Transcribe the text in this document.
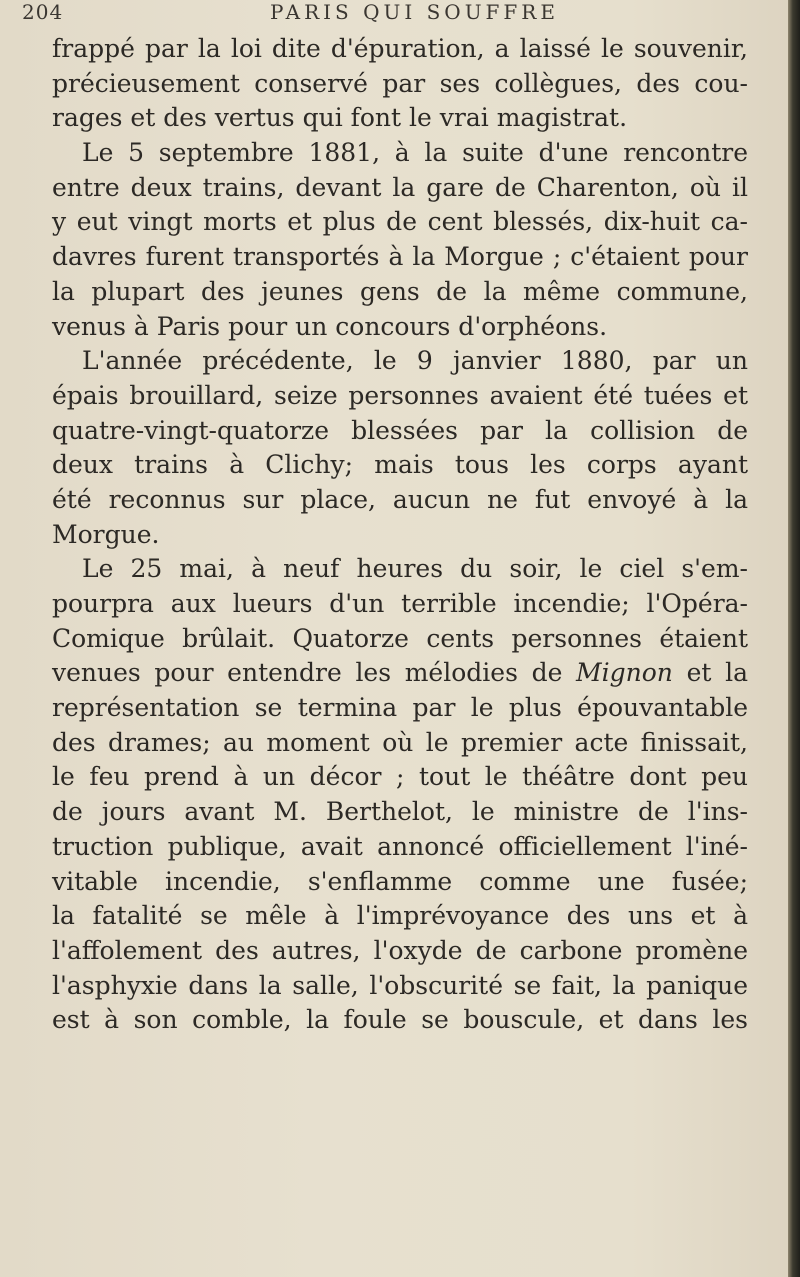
204	PARIS QUI SOUFFRE
frappé par la loi dite d'épuration, a laissé le souvenir,
précieusement conservé par ses collègues, des cou-
rages et des vertus qui font le vrai magistrat.
Le 5 septembre 1881, à la suite d'une rencontre
entre deux trains, devant la gare de Charenton, où il
y eut vingt morts et plus de cent blessés, dix-huit ca-
davres furent transportés à la Morgue ; c'étaient pour
la plupart des jeunes gens de la même commune,
venus à Paris pour un concours d'orphéons.
L'année précédente, le 9 janvier 1880, par un
épais brouillard, seize personnes avaient été tuées et
quatre-vingt-quatorze blessées par la collision de
deux trains à Clichy; mais tous les corps ayant
été reconnus sur place, aucun ne fut envoyé à la
Morgue.
Le 25 mai, à neuf heures du soir, le ciel s'em-
pourpra aux lueurs d'un terrible incendie; l'Opéra-
Comique brûlait. Quatorze cents personnes étaient
venues pour entendre les mélodies de Mignon et la
représentation se termina par le plus épouvantable
des drames; au moment où le premier acte finissait,
le feu prend à un décor ; tout le théâtre dont peu
de jours avant M. Berthelot, le ministre de l'ins-
truction publique, avait annoncé officiellement l'iné-
vitable incendie, s'enflamme comme une fusée;
la fatalité se mêle à l'imprévoyance des uns et à
l'affolement des autres, l'oxyde de carbone promène
l'asphyxie dans la salle, l'obscurité se fait, la panique
est à son comble, la foule se bouscule, et dans les
